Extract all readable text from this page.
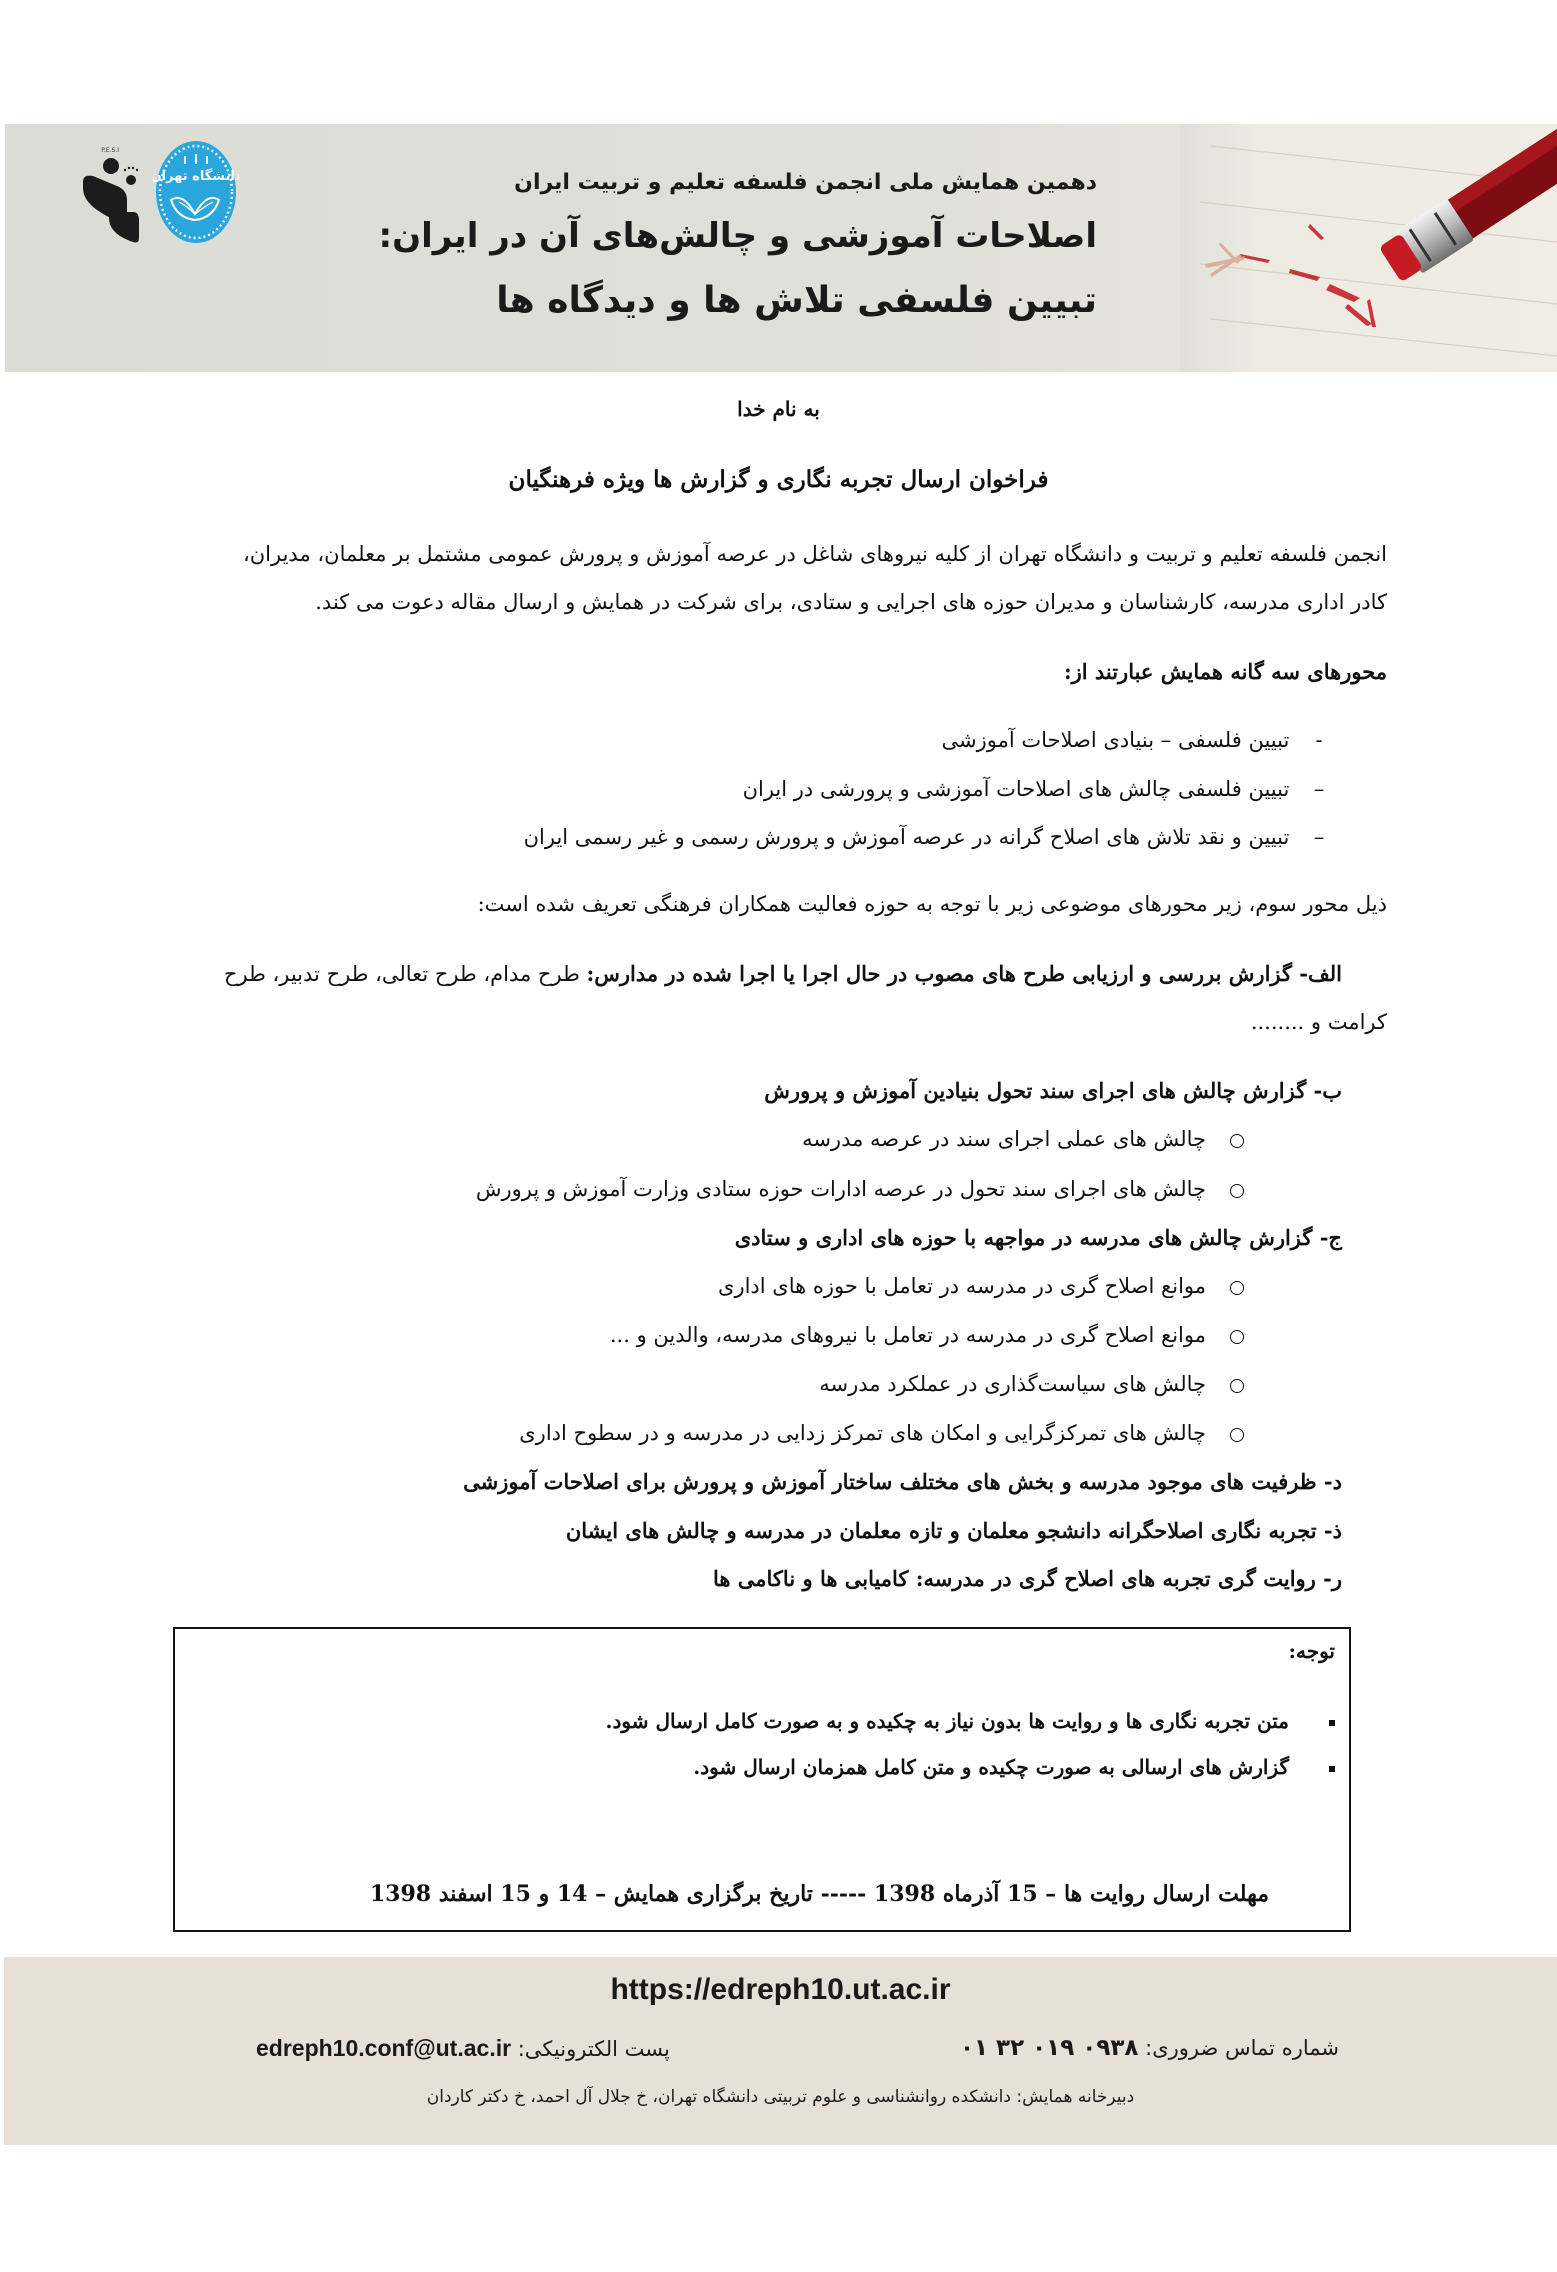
دهمین همایش ملی انجمن فلسفه تعلیم و تربیت ایران
اصلاحات آموزشی و چالش‌های آن در ایران:
تبیین فلسفی تلاش ها و دیدگاه ها
دانشگاه تهران
P.E.S.I
به نام خدا
فراخوان ارسال تجربه نگاری و گزارش ها ویژه فرهنگیان
انجمن فلسفه تعلیم و تربیت و دانشگاه تهران از کلیه نیروهای شاغل در عرصه آموزش و پرورش عمومی مشتمل بر معلمان، مدیران،
کادر اداری مدرسه، کارشناسان و مدیران حوزه های اجرایی و ستادی، برای شرکت در همایش و ارسال مقاله دعوت می کند.
محورهای سه گانه همایش عبارتند از:
- تبیین فلسفی – بنیادی اصلاحات آموزشی
– تبیین فلسفی چالش های اصلاحات آموزشی و پرورشی در ایران
– تبیین و نقد تلاش های اصلاح گرانه در عرصه آموزش و پرورش رسمی و غیر رسمی ایران
ذیل محور سوم، زیر محورهای موضوعی زیر با توجه به حوزه فعالیت همکاران فرهنگی تعریف شده است:
الف- گزارش بررسی و ارزیابی طرح های مصوب در حال اجرا یا اجرا شده در مدارس: طرح مدام، طرح تعالی، طرح تدبیر، طرح
کرامت و ........
ب- گزارش چالش های اجرای سند تحول بنیادین آموزش و پرورش
چالش های عملی اجرای سند در عرصه مدرسه
چالش های اجرای سند تحول در عرصه ادارات حوزه ستادی وزارت آموزش و پرورش
ج- گزارش چالش های مدرسه در مواجهه با حوزه های اداری و ستادی
موانع اصلاح گری در مدرسه در تعامل با حوزه های اداری
موانع اصلاح گری در مدرسه در تعامل با نیروهای مدرسه، والدین و ...
چالش های سیاست‌گذاری در عملکرد مدرسه
چالش های تمرکزگرایی و امکان های تمرکز زدایی در مدرسه و در سطوح اداری
د- ظرفیت های موجود مدرسه و بخش های مختلف ساختار آموزش و پرورش برای اصلاحات آموزشی
ذ- تجربه نگاری اصلاحگرانه دانشجو معلمان و تازه معلمان در مدرسه و چالش های ایشان
ر- روایت گری تجربه های اصلاح گری در مدرسه: کامیابی ها و ناکامی ها
توجه:
متن تجربه نگاری ها و روایت ها بدون نیاز به چکیده و به صورت کامل ارسال شود.
گزارش های ارسالی به صورت چکیده و متن کامل همزمان ارسال شود.
مهلت ارسال روایت ها – 15 آذرماه 1398 ----- تاریخ برگزاری همایش – 14 و 15 اسفند 1398
https://edreph10.ut.ac.ir
شماره تماس ضروری: ۰۹۳۸ ۰۱۹ ۳۲ ۰۱
پست الکترونیکی: edreph10.conf@ut.ac.ir
دبیرخانه همایش: دانشکده روانشناسی و علوم تربیتی دانشگاه تهران، خ جلال آل احمد، خ دکتر کاردان
